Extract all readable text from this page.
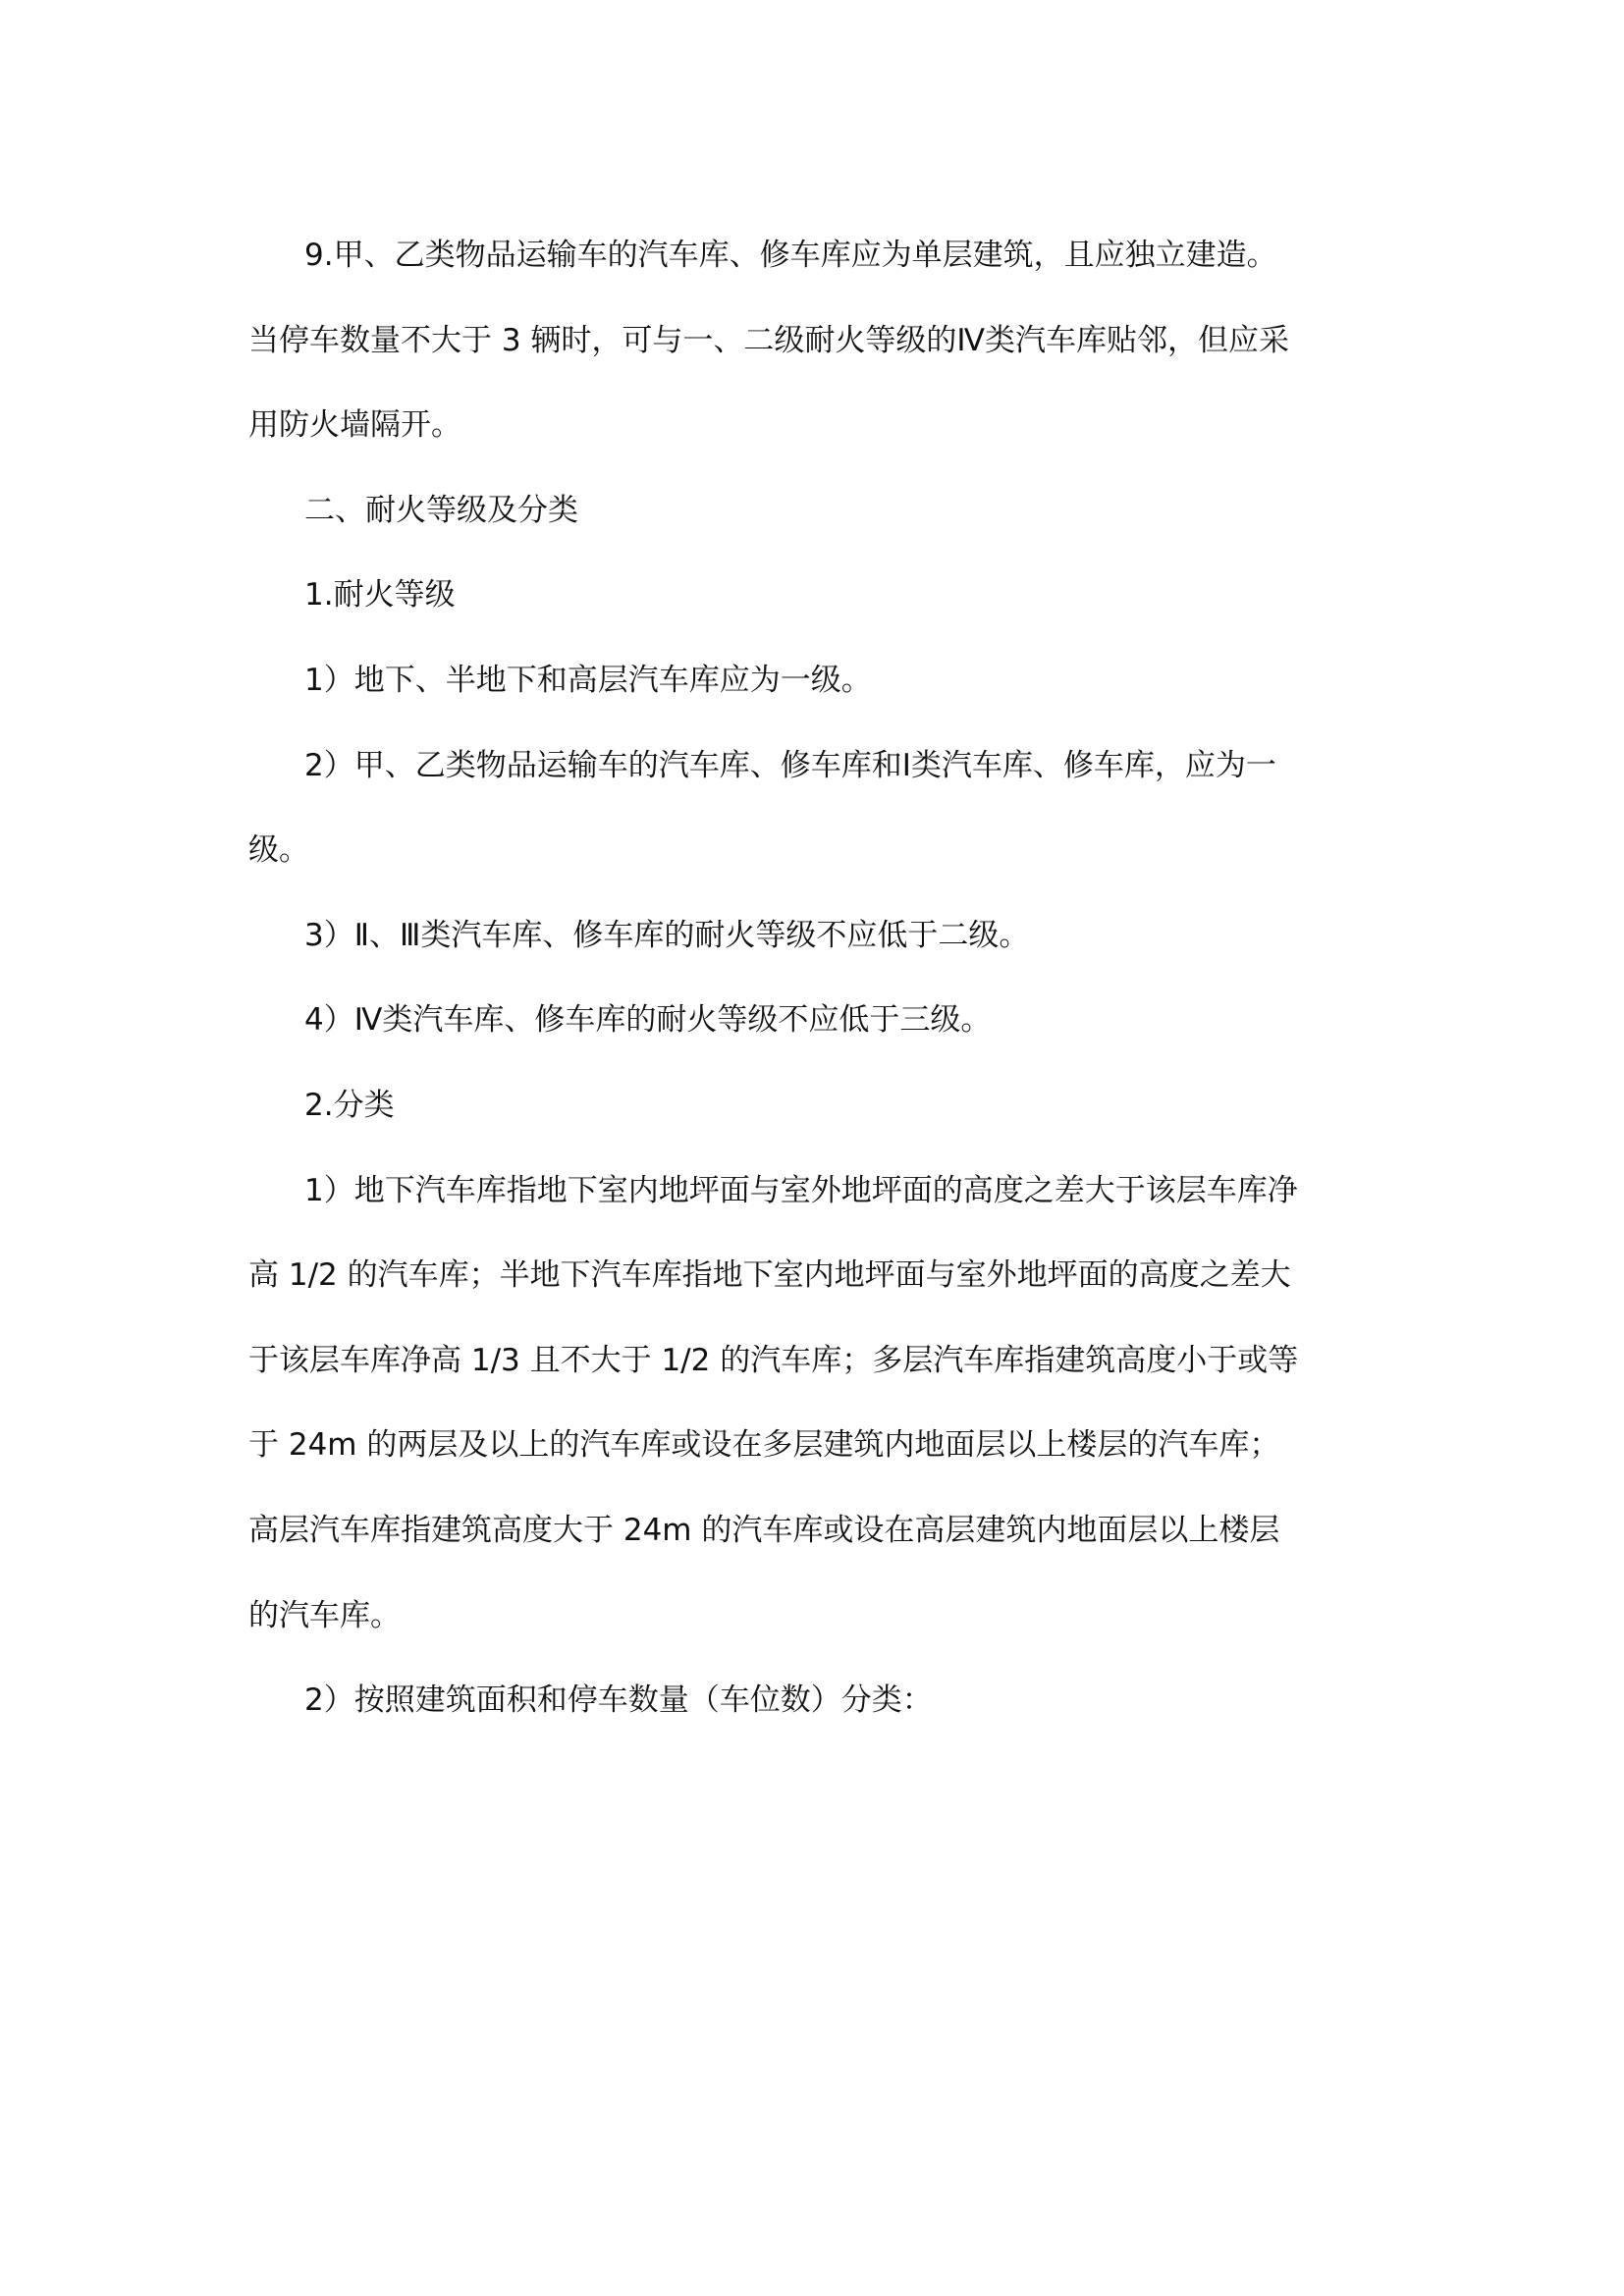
9.甲、乙类物品运输车的汽车库、修车库应为单层建筑，且应独立建造。
当停车数量不大于 3 辆时，可与一、二级耐火等级的Ⅳ类汽车库贴邻，但应采
用防火墙隔开。
二、耐火等级及分类
1.耐火等级
1）地下、半地下和高层汽车库应为一级。
2）甲、乙类物品运输车的汽车库、修车库和Ⅰ类汽车库、修车库，应为一
级。
3）Ⅱ、Ⅲ类汽车库、修车库的耐火等级不应低于二级。
4）Ⅳ类汽车库、修车库的耐火等级不应低于三级。
2.分类
1）地下汽车库指地下室内地坪面与室外地坪面的高度之差大于该层车库净
高 1/2 的汽车库；半地下汽车库指地下室内地坪面与室外地坪面的高度之差大
于该层车库净高 1/3 且不大于 1/2 的汽车库；多层汽车库指建筑高度小于或等
于 24m 的两层及以上的汽车库或设在多层建筑内地面层以上楼层的汽车库；
高层汽车库指建筑高度大于 24m 的汽车库或设在高层建筑内地面层以上楼层
的汽车库。
2）按照建筑面积和停车数量（车位数）分类：
